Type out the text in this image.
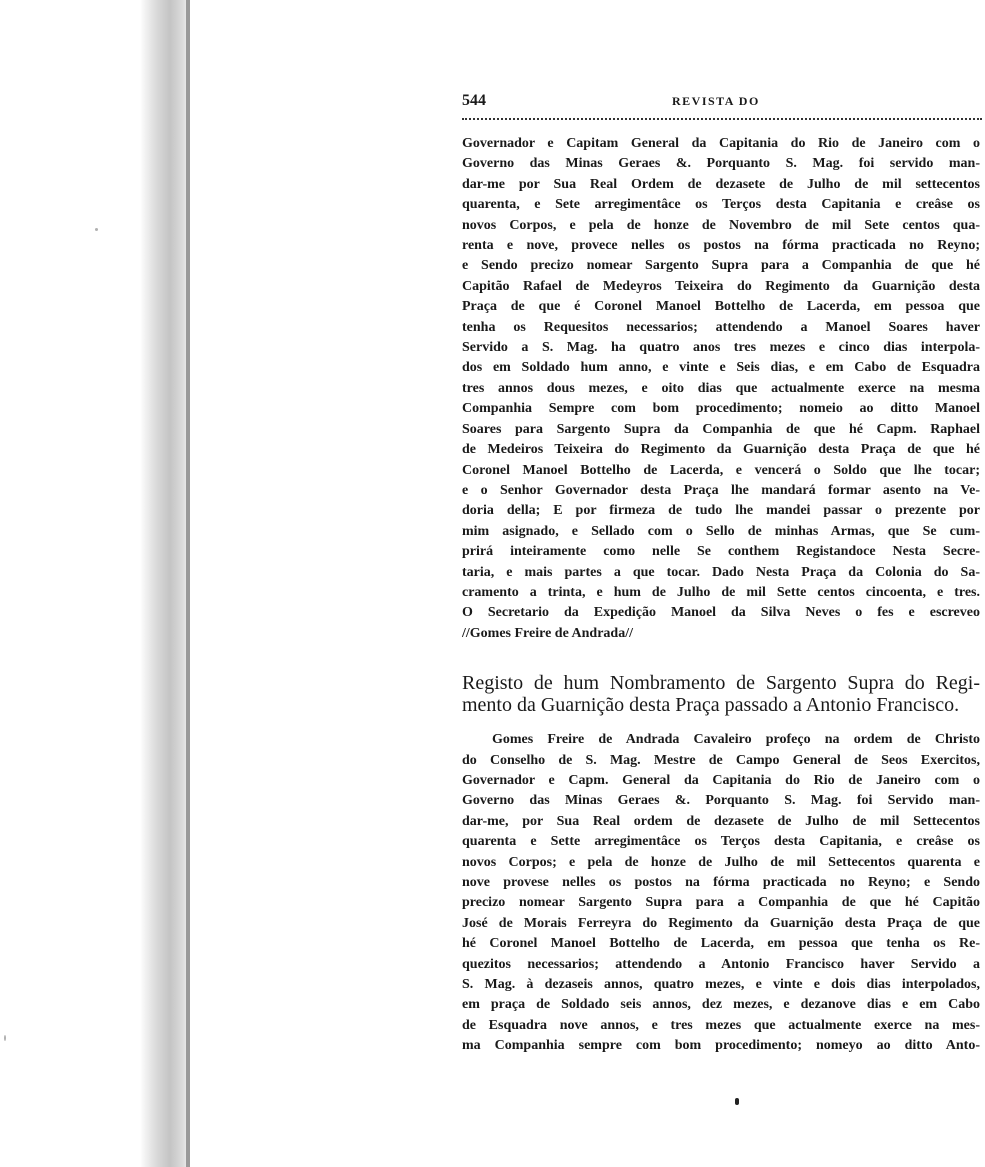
544	REVISTA DO
Governador e Capitam General da Capitania do Rio de Janeiro com o
Governo das Minas Geraes &. Porquanto S. Mag. foi servido man-
dar-me por Sua Real Ordem de dezasete de Julho de mil settecentos
quarenta, e Sete arregimentâce os Terços desta Capitania e creâse os
novos Corpos, e pela de honze de Novembro de mil Sete centos qua-
renta e nove, provece nelles os postos na fórma practicada no Reyno;
e Sendo precizo nomear Sargento Supra para a Companhia de que hé
Capitão Rafael de Medeyros Teixeira do Regimento da Guarnição desta
Praça de que é Coronel Manoel Bottelho de Lacerda, em pessoa que
tenha os Requesitos necessarios; attendendo a Manoel Soares haver
Servido a S. Mag. ha quatro anos tres mezes e cinco dias interpola-
dos em Soldado hum anno, e vinte e Seis dias, e em Cabo de Esquadra
tres annos dous mezes, e oito dias que actualmente exerce na mesma
Companhia Sempre com bom procedimento; nomeio ao ditto Manoel
Soares para Sargento Supra da Companhia de que hé Capm. Raphael
de Medeiros Teixeira do Regimento da Guarnição desta Praça de que hé
Coronel Manoel Bottelho de Lacerda, e vencerá o Soldo que lhe tocar;
e o Senhor Governador desta Praça lhe mandará formar asento na Ve-
doria della; E por firmeza de tudo lhe mandei passar o prezente por
mim asignado, e Sellado com o Sello de minhas Armas, que Se cum-
prirá inteiramente como nelle Se conthem Registandoce Nesta Secre-
taria, e mais partes a que tocar. Dado Nesta Praça da Colonia do Sa-
cramento a trinta, e hum de Julho de mil Sette centos cincoenta, e tres.
O Secretario da Expedição Manoel da Silva Neves o fes e escreveo
//Gomes Freire de Andrada//
Registo de hum Nombramento de Sargento Supra do Regi-
mento da Guarnição desta Praça passado a Antonio Francisco.
Gomes Freire de Andrada Cavaleiro profeço na ordem de Christo
do Conselho de S. Mag. Mestre de Campo General de Seos Exercitos,
Governador e Capm. General da Capitania do Rio de Janeiro com o
Governo das Minas Geraes &. Porquanto S. Mag. foi Servido man-
dar-me, por Sua Real ordem de dezasete de Julho de mil Settecentos
quarenta e Sette arregimentâce os Terços desta Capitania, e creâse os
novos Corpos; e pela de honze de Julho de mil Settecentos quarenta e
nove provese nelles os postos na fórma practicada no Reyno; e Sendo
precizo nomear Sargento Supra para a Companhia de que hé Capitão
José de Morais Ferreyra do Regimento da Guarnição desta Praça de que
hé Coronel Manoel Bottelho de Lacerda, em pessoa que tenha os Re-
quezitos necessarios; attendendo a Antonio Francisco haver Servido a
S. Mag. à dezaseis annos, quatro mezes, e vinte e dois dias interpolados,
em praça de Soldado seis annos, dez mezes, e dezanove dias e em Cabo
de Esquadra nove annos, e tres mezes que actualmente exerce na mes-
ma Companhia sempre com bom procedimento; nomeyo ao ditto Anto-
